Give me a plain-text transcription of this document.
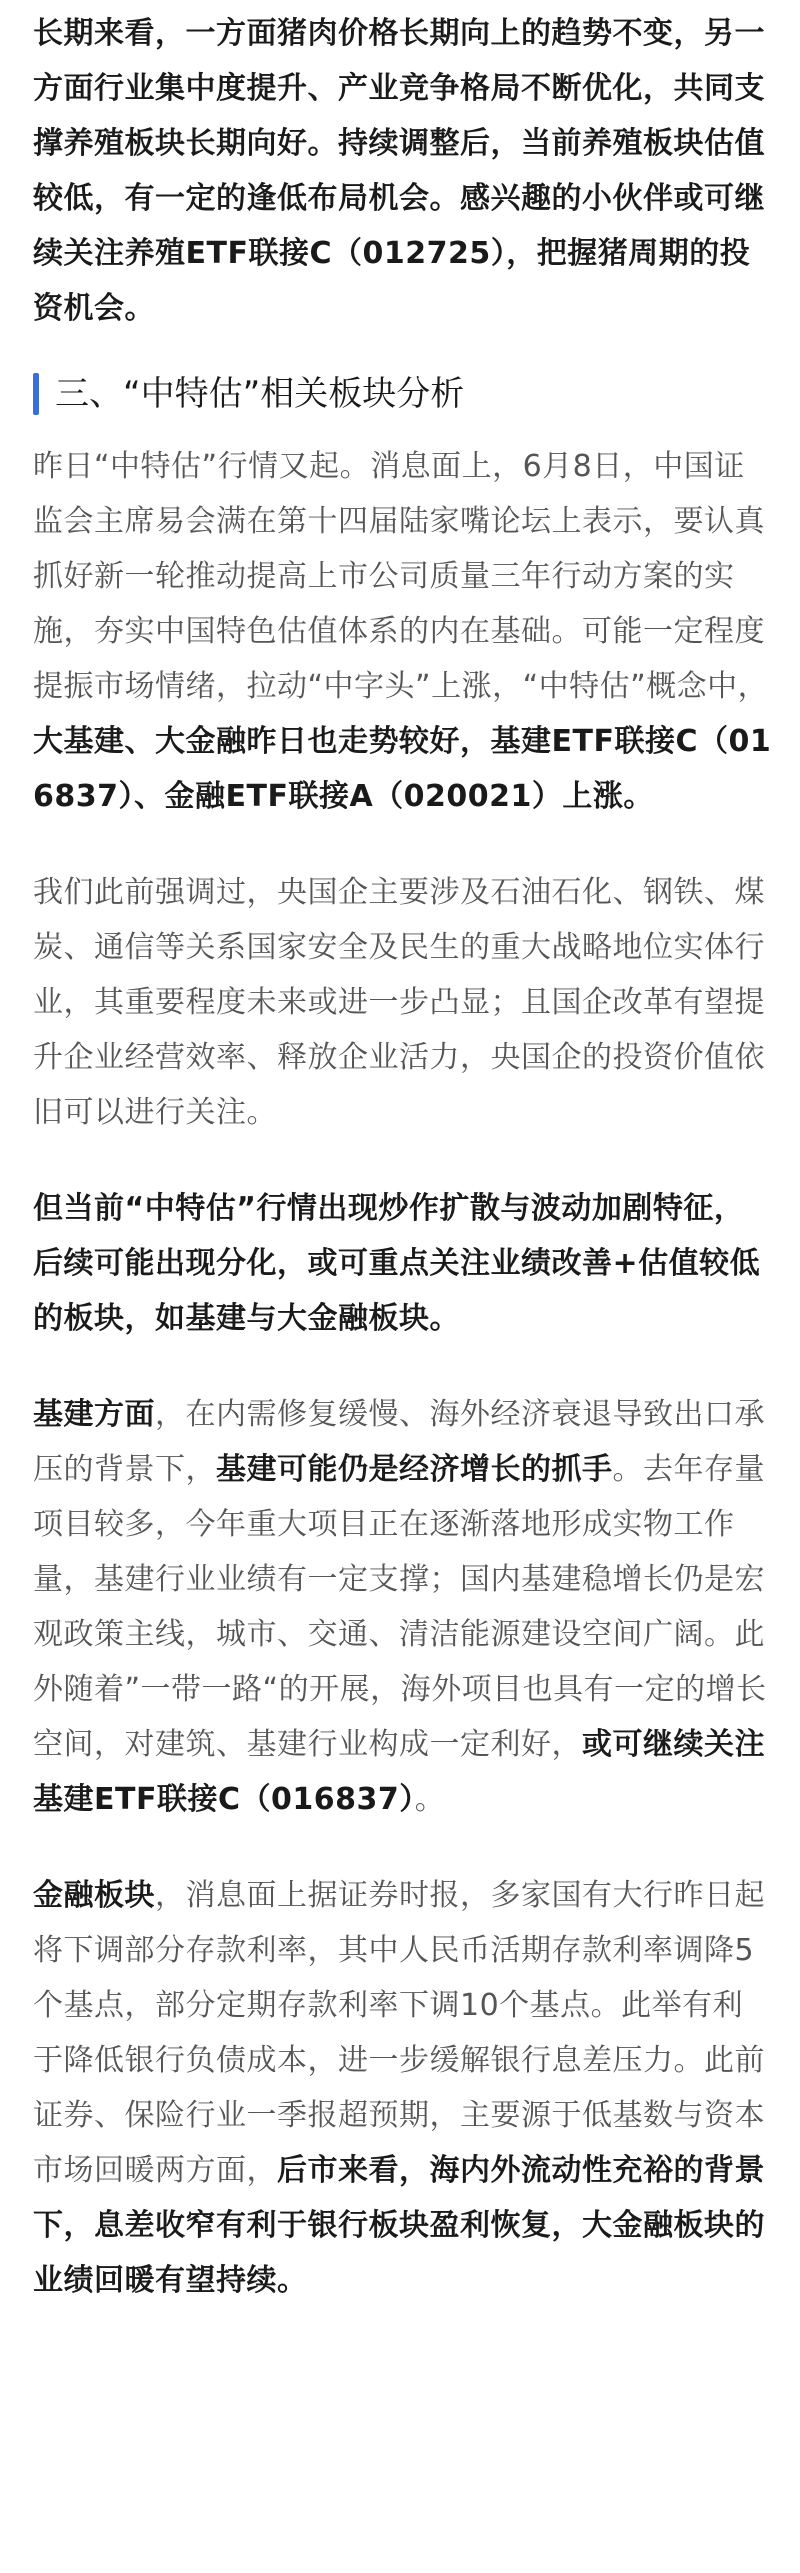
长期来看，一方面猪肉价格长期向上的趋势不变，另一方面行业集中度提升、产业竞争格局不断优化，共同支撑养殖板块长期向好。持续调整后，当前养殖板块估值较低，有一定的逢低布局机会。感兴趣的小伙伴或可继续关注养殖ETF联接C（012725），把握猪周期的投资机会。

三、“中特估”相关板块分析

昨日“中特估”行情又起。消息面上，6月8日，中国证监会主席易会满在第十四届陆家嘴论坛上表示，要认真抓好新一轮推动提高上市公司质量三年行动方案的实施，夯实中国特色估值体系的内在基础。可能一定程度提振市场情绪，拉动“中字头”上涨，“中特估”概念中，大基建、大金融昨日也走势较好，基建ETF联接C（016837）、金融ETF联接A（020021）上涨。

我们此前强调过，央国企主要涉及石油石化、钢铁、煤炭、通信等关系国家安全及民生的重大战略地位实体行业，其重要程度未来或进一步凸显；且国企改革有望提升企业经营效率、释放企业活力，央国企的投资价值依旧可以进行关注。

但当前“中特估”行情出现炒作扩散与波动加剧特征，后续可能出现分化，或可重点关注业绩改善+估值较低的板块，如基建与大金融板块。

基建方面，在内需修复缓慢、海外经济衰退导致出口承压的背景下，基建可能仍是经济增长的抓手。去年存量项目较多，今年重大项目正在逐渐落地形成实物工作量，基建行业业绩有一定支撑；国内基建稳增长仍是宏观政策主线，城市、交通、清洁能源建设空间广阔。此外随着”一带一路“的开展，海外项目也具有一定的增长空间，对建筑、基建行业构成一定利好，或可继续关注基建ETF联接C（016837）。

金融板块，消息面上据证券时报，多家国有大行昨日起将下调部分存款利率，其中人民币活期存款利率调降5个基点，部分定期存款利率下调10个基点。此举有利于降低银行负债成本，进一步缓解银行息差压力。此前证券、保险行业一季报超预期，主要源于低基数与资本市场回暖两方面，后市来看，海内外流动性充裕的背景下，息差收窄有利于银行板块盈利恢复，大金融板块的业绩回暖有望持续。
